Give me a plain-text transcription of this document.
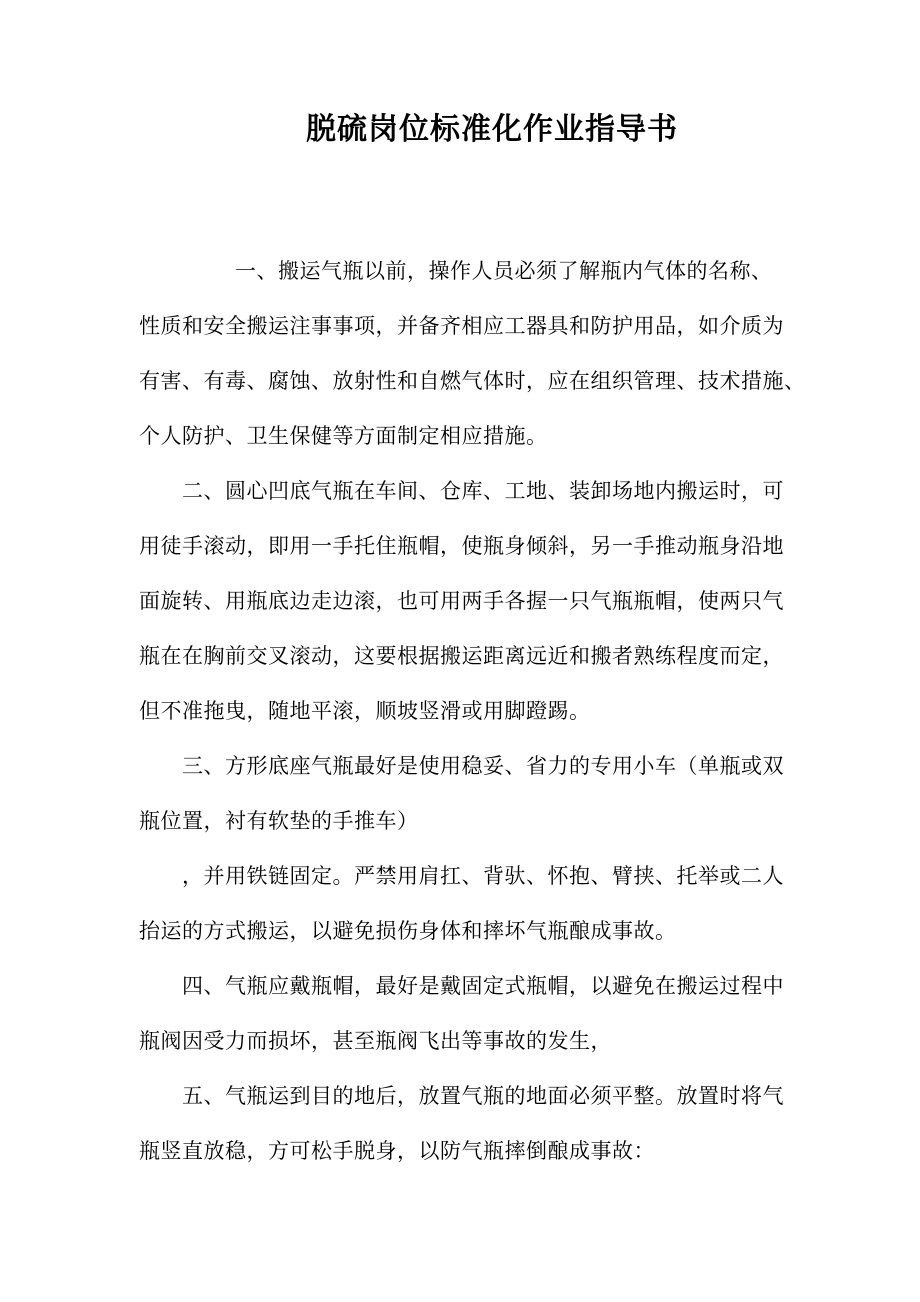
脱硫岗位标准化作业指导书
一、搬运气瓶以前，操作人员必须了解瓶内气体的名称、
性质和安全搬运注事事项，并备齐相应工器具和防护用品，如介质为
有害、有毒、腐蚀、放射性和自燃气体时，应在组织管理、技术措施、
个人防护、卫生保健等方面制定相应措施。
二、圆心凹底气瓶在车间、仓库、工地、装卸场地内搬运时，可
用徒手滚动，即用一手托住瓶帽，使瓶身倾斜，另一手推动瓶身沿地
面旋转、用瓶底边走边滚，也可用两手各握一只气瓶瓶帽，使两只气
瓶在在胸前交叉滚动，这要根据搬运距离远近和搬者熟练程度而定，
但不准拖曳，随地平滚，顺坡竖滑或用脚蹬踢。
三、方形底座气瓶最好是使用稳妥、省力的专用小车（单瓶或双
瓶位置，衬有软垫的手推车）
，并用铁链固定。严禁用肩扛、背驮、怀抱、臂挟、托举或二人
抬运的方式搬运，以避免损伤身体和摔坏气瓶酿成事故。
四、气瓶应戴瓶帽，最好是戴固定式瓶帽，以避免在搬运过程中
瓶阀因受力而损坏，甚至瓶阀飞出等事故的发生，
五、气瓶运到目的地后，放置气瓶的地面必须平整。放置时将气
瓶竖直放稳，方可松手脱身，以防气瓶摔倒酿成事故：
